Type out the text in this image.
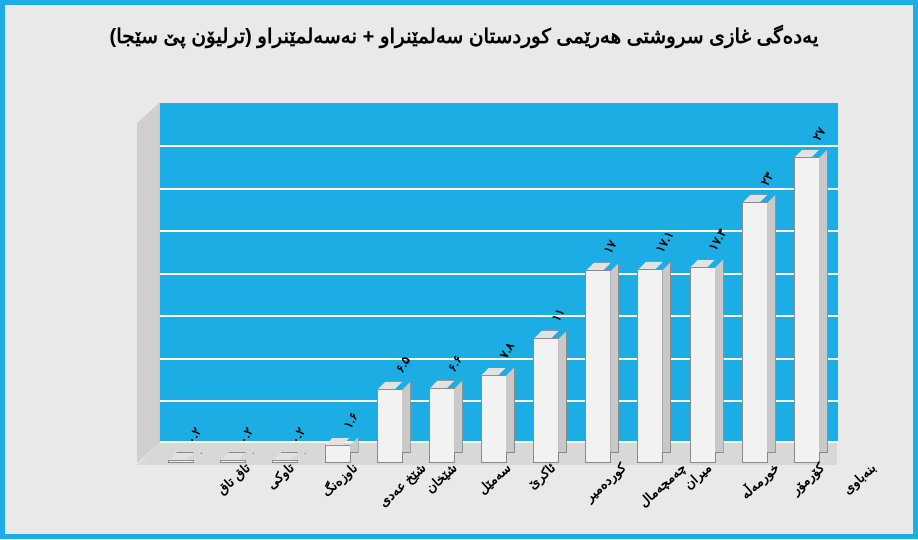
یەدەگی غازی سروشتی هەرێمی کوردستان سەلمێنراو + نەسەلمێنراو (ترلیۆن پێ سێجا)
۰.۲	۰.۲	۰.۲
۱.۶
۶.۵	۶.۶
۷.۸
۱۱
۱۷	۱۷.۱ ۱۷.۳
۲۳
۲۷
تاق تاق تاوکی ناوزەنگ شێخ عەدی
شێخان سەمێل ئاکرێ کوردەمیر چەمچەمال
میران خورمەڵە کۆرمۆر بنەباوی
